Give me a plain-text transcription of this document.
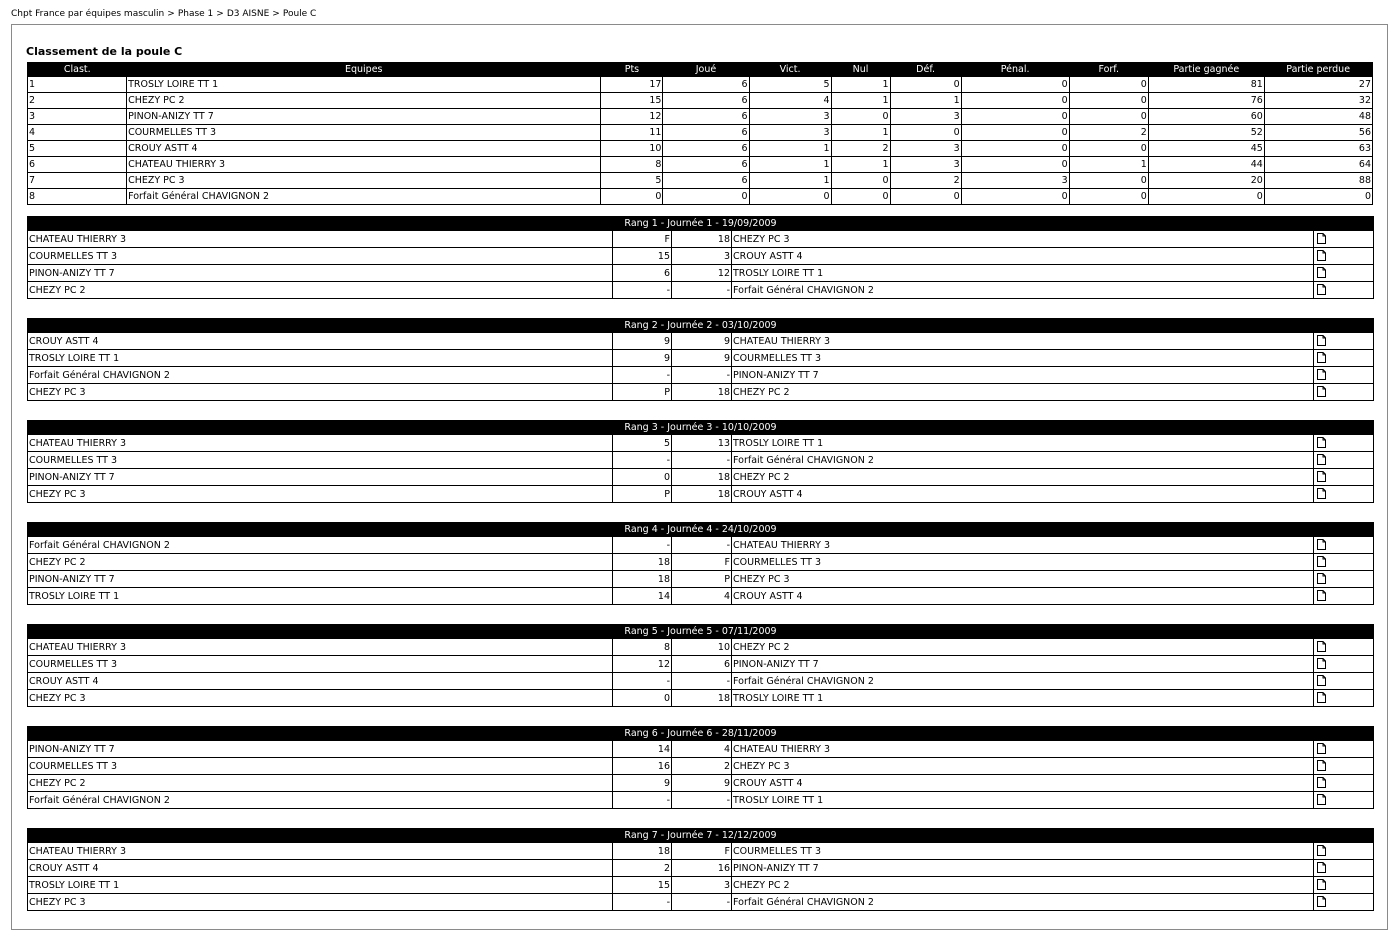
Chpt France par équipes masculin > Phase 1 > D3 AISNE > Poule C
Classement de la poule C
Clast.	Equipes	Pts	Joué	Vict.	Nul	Déf.	Pénal.	Forf.	Partie gagnée	Partie perdue
1	TROSLY LOIRE TT 1	17	6	5	1	0	0	0	81	27
2	CHEZY PC 2	15	6	4	1	1	0	0	76	32
3	PINON-ANIZY TT 7	12	6	3	0	3	0	0	60	48
4	COURMELLES TT 3	11	6	3	1	0	0	2	52	56
5	CROUY ASTT 4	10	6	1	2	3	0	0	45	63
6	CHATEAU THIERRY 3	8	6	1	1	3	0	1	44	64
7	CHEZY PC 3	5	6	1	0	2	3	0	20	88
8	Forfait Général CHAVIGNON 2	0	0	0	0	0	0	0	0	0
Rang 1 - Journée 1 - 19/09/2009				
CHATEAU THIERRY 3	F	18	CHEZY PC 3	

COURMELLES TT 3	15	3	CROUY ASTT 4	

PINON-ANIZY TT 7	6	12	TROSLY LOIRE TT 1	

CHEZY PC 2	-	-	Forfait Général CHAVIGNON 2	
Rang 2 - Journée 2 - 03/10/2009				
CROUY ASTT 4	9	9	CHATEAU THIERRY 3	

TROSLY LOIRE TT 1	9	9	COURMELLES TT 3	

Forfait Général CHAVIGNON 2	-	-	PINON-ANIZY TT 7	

CHEZY PC 3	P	18	CHEZY PC 2	
Rang 3 - Journée 3 - 10/10/2009				
CHATEAU THIERRY 3	5	13	TROSLY LOIRE TT 1	

COURMELLES TT 3	-	-	Forfait Général CHAVIGNON 2	

PINON-ANIZY TT 7	0	18	CHEZY PC 2	

CHEZY PC 3	P	18	CROUY ASTT 4	
Rang 4 - Journée 4 - 24/10/2009				
Forfait Général CHAVIGNON 2	-	-	CHATEAU THIERRY 3	

CHEZY PC 2	18	F	COURMELLES TT 3	

PINON-ANIZY TT 7	18	P	CHEZY PC 3	

TROSLY LOIRE TT 1	14	4	CROUY ASTT 4	
Rang 5 - Journée 5 - 07/11/2009				
CHATEAU THIERRY 3	8	10	CHEZY PC 2	

COURMELLES TT 3	12	6	PINON-ANIZY TT 7	

CROUY ASTT 4	-	-	Forfait Général CHAVIGNON 2	

CHEZY PC 3	0	18	TROSLY LOIRE TT 1	
Rang 6 - Journée 6 - 28/11/2009				
PINON-ANIZY TT 7	14	4	CHATEAU THIERRY 3	

COURMELLES TT 3	16	2	CHEZY PC 3	

CHEZY PC 2	9	9	CROUY ASTT 4	

Forfait Général CHAVIGNON 2	-	-	TROSLY LOIRE TT 1	
Rang 7 - Journée 7 - 12/12/2009				
CHATEAU THIERRY 3	18	F	COURMELLES TT 3	

CROUY ASTT 4	2	16	PINON-ANIZY TT 7	

TROSLY LOIRE TT 1	15	3	CHEZY PC 2	

CHEZY PC 3	-	-	Forfait Général CHAVIGNON 2	
